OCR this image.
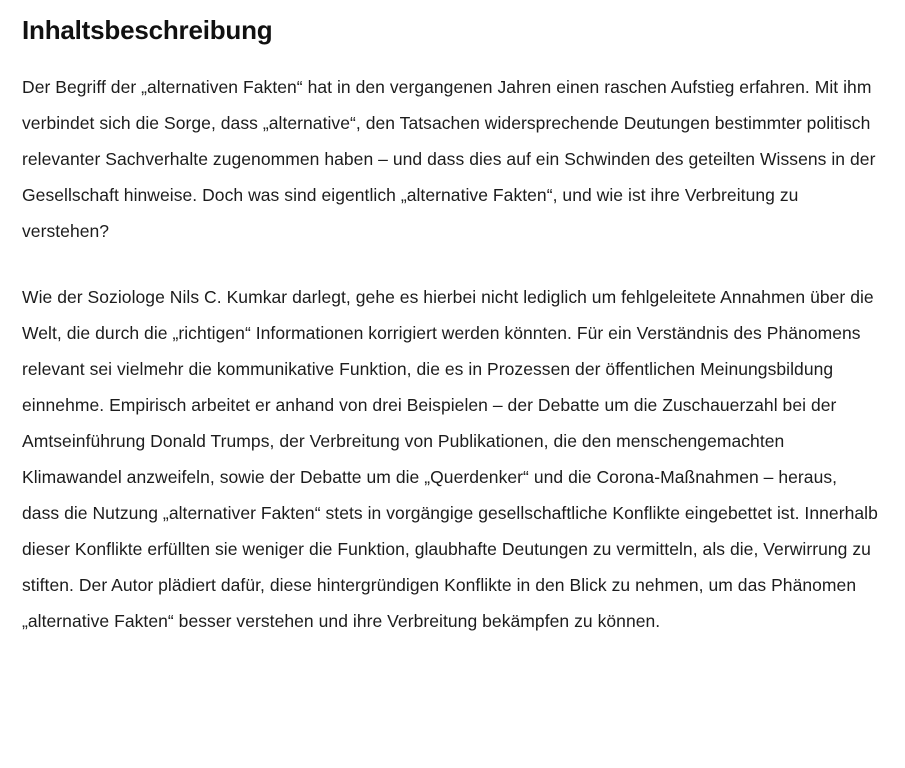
Inhaltsbeschreibung

Der Begriff der „alternativen Fakten“ hat in den vergangenen Jahren einen raschen Aufstieg erfahren. Mit ihm verbindet sich die Sorge, dass „alternative“, den Tatsachen widersprechende Deutungen bestimmter politisch relevanter Sachverhalte zugenommen haben – und dass dies auf ein Schwinden des geteilten Wissens in der Gesellschaft hinweise. Doch was sind eigentlich „alternative Fakten“, und wie ist ihre Verbreitung zu verstehen?

Wie der Soziologe Nils C. Kumkar darlegt, gehe es hierbei nicht lediglich um fehlgeleitete Annahmen über die Welt, die durch die „richtigen“ Informationen korrigiert werden könnten. Für ein Verständnis des Phänomens relevant sei vielmehr die kommunikative Funktion, die es in Prozessen der öffentlichen Meinungsbildung einnehme. Empirisch arbeitet er anhand von drei Beispielen – der Debatte um die Zuschauerzahl bei der Amtseinführung Donald Trumps, der Verbreitung von Publikationen, die den menschengemachten Klimawandel anzweifeln, sowie der Debatte um die „Querdenker“ und die Corona-Maßnahmen – heraus, dass die Nutzung „alternativer Fakten“ stets in vorgängige gesellschaftliche Konflikte eingebettet ist. Innerhalb dieser Konflikte erfüllten sie weniger die Funktion, glaubhafte Deutungen zu vermitteln, als die, Verwirrung zu stiften. Der Autor plädiert dafür, diese hintergründigen Konflikte in den Blick zu nehmen, um das Phänomen „alternative Fakten“ besser verstehen und ihre Verbreitung bekämpfen zu können.
